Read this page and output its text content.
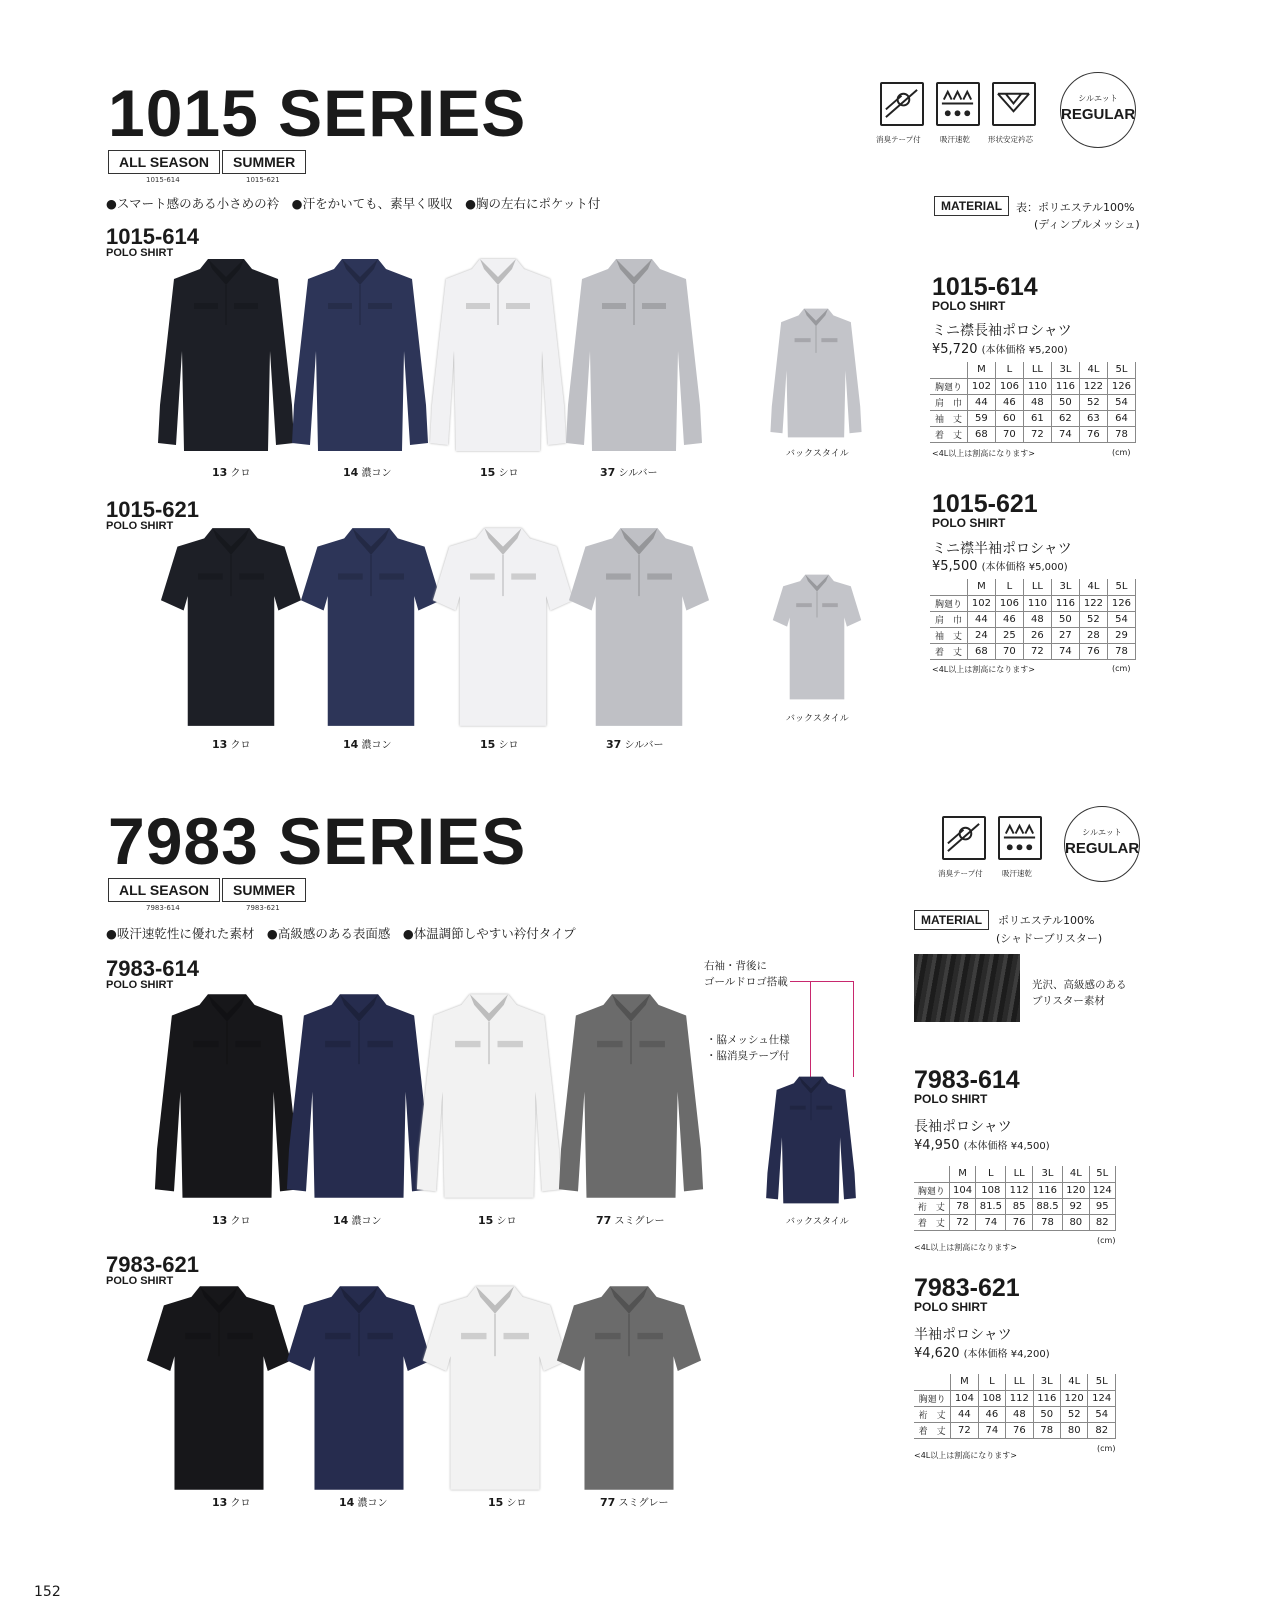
1015 SERIES
ALL SEASON
1015-614
SUMMER
1015-621
●スマート感のある小さめの衿　●汗をかいても、素早く吸収　●胸の左右にポケット付
消臭テープ付	吸汗速乾 形状安定衿芯
シルエット
REGULAR
MATERIAL	表：ポリエステル100%
(ディンプルメッシュ)
1015-614
POLO SHIRT
13 クロ	14 濃コン	15 シロ	37 シルバー
バックスタイル
1015-621
POLO SHIRT
13 クロ	14 濃コン	15 シロ	37 シルバー
バックスタイル
1015-614
POLO SHIRT
ミニ襟長袖ポロシャツ
¥5,720 (本体価格 ¥5,200)
	M	L	LL	3L	4L	5L
胸廻り	102	106	110	116	122	126
肩　巾	44	46	48	50	52	54
袖　丈	59	60	61	62	63	64
着　丈	68	70	72	74	76	78
<4L以上は割高になります>	(cm)
1015-621
POLO SHIRT
ミニ襟半袖ポロシャツ
¥5,500 (本体価格 ¥5,000)
	M	L	LL	3L	4L	5L
胸廻り	102	106	110	116	122	126
肩　巾	44	46	48	50	52	54
袖　丈	24	25	26	27	28	29
着　丈	68	70	72	74	76	78
<4L以上は割高になります>	(cm)
7983 SERIES
ALL SEASON
7983-614
SUMMER
7983-621
●吸汗速乾性に優れた素材　●高級感のある表面感　●体温調節しやすい衿付タイプ
消臭テープ付	吸汗速乾
シルエット
REGULAR
MATERIAL	ポリエステル100%
(シャドーブリスター)
光沢、高級感のある
ブリスター素材
右袖・背後に
ゴールドロゴ搭載
・脇メッシュ仕様
・脇消臭テープ付
7983-614
POLO SHIRT
13 クロ	14 濃コン	15 シロ	77 スミグレー	バックスタイル
7983-621
POLO SHIRT
13 クロ	14 濃コン	15 シロ	77 スミグレー
7983-614
POLO SHIRT
長袖ポロシャツ
¥4,950 (本体価格 ¥4,500)
	M	L	LL	3L	4L	5L
胸廻り	104	108	112	116	120	124
裄　丈	78	81.5	85	88.5	92	95
着　丈	72	74	76	78	80	82
(cm)
<4L以上は割高になります>
7983-621
POLO SHIRT
半袖ポロシャツ
¥4,620 (本体価格 ¥4,200)
	M	L	LL	3L	4L	5L
胸廻り	104	108	112	116	120	124
裄　丈	44	46	48	50	52	54
着　丈	72	74	76	78	80	82
(cm)
<4L以上は割高になります>
152
